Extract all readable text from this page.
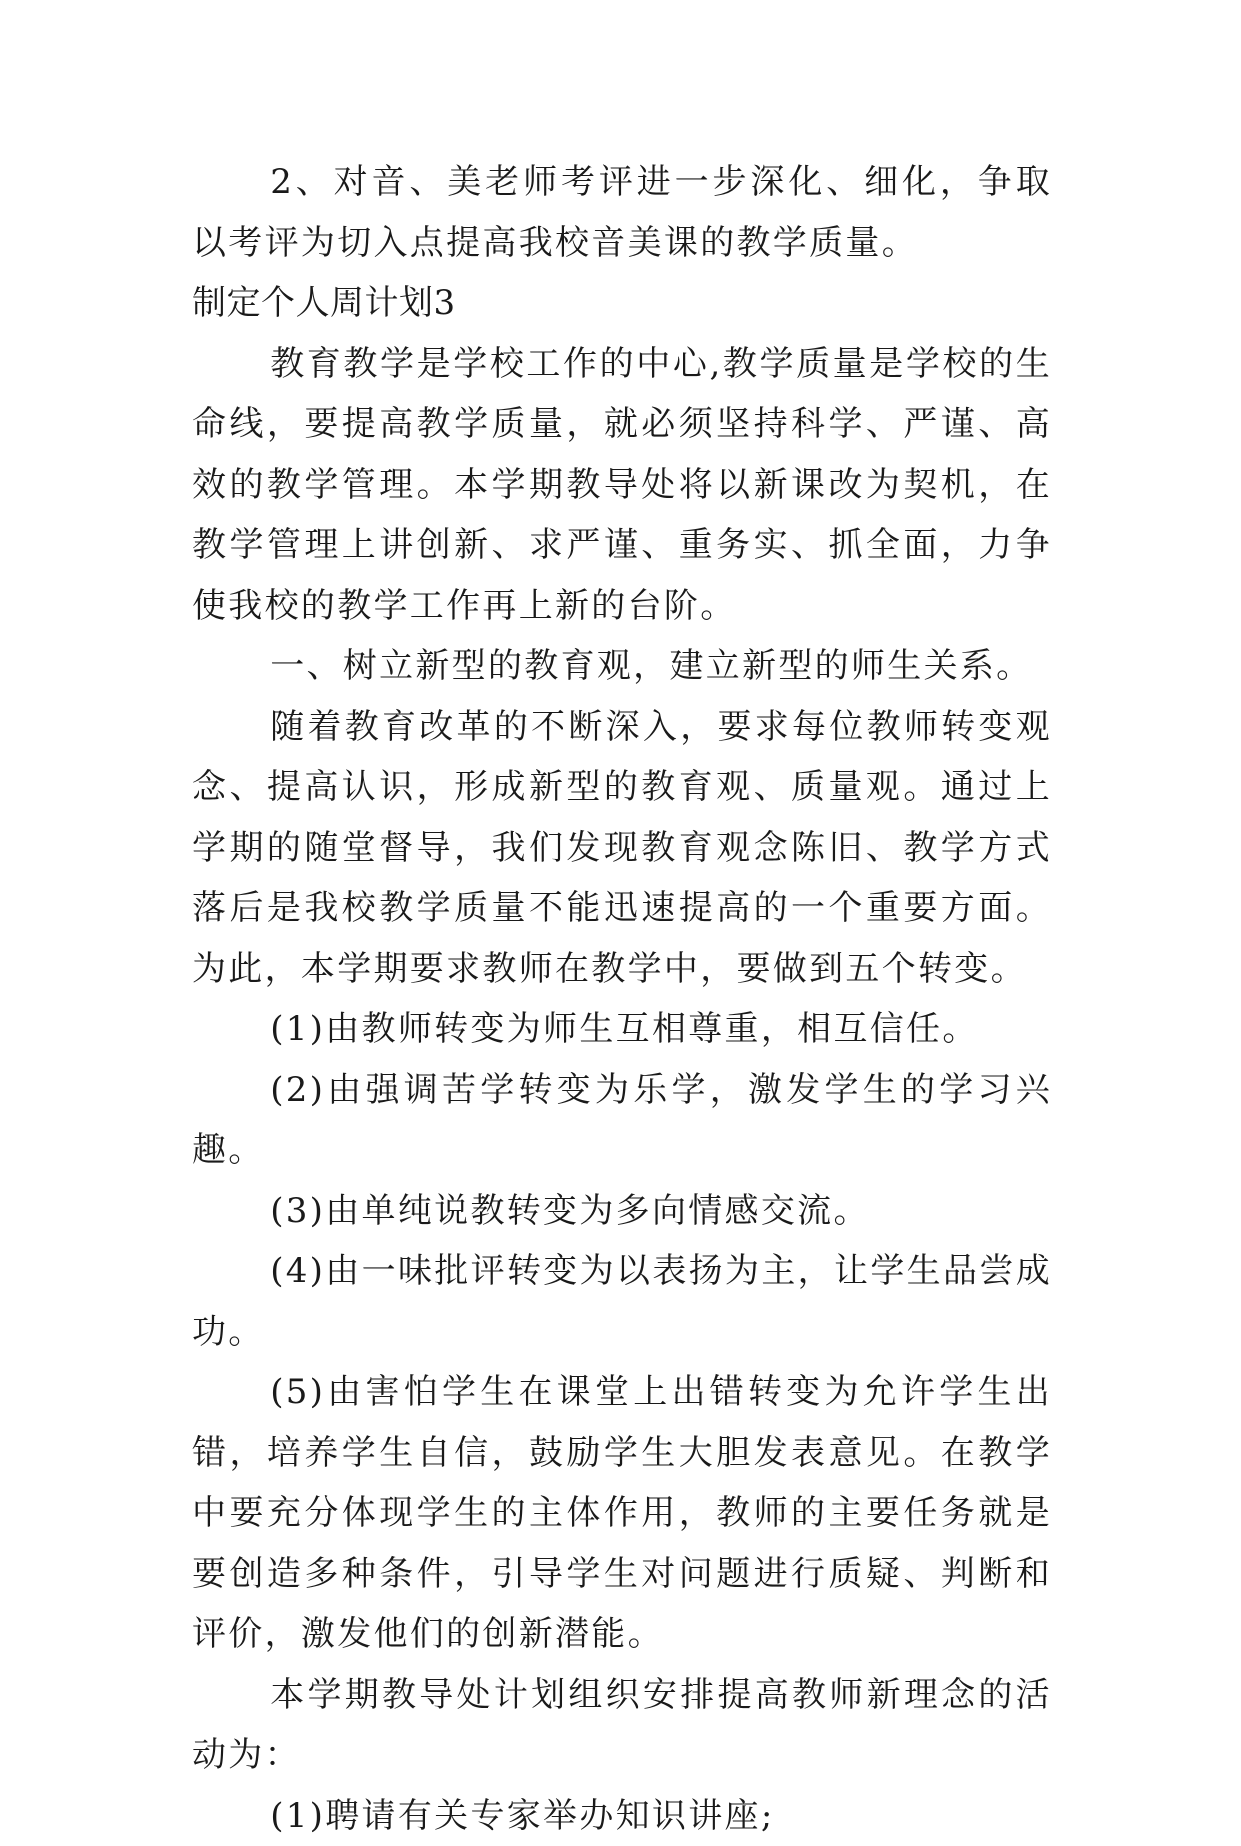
2、对音、美老师考评进一步深化、细化，争取以考评为切入点提高我校音美课的教学质量。

制定个人周计划3

教育教学是学校工作的中心,教学质量是学校的生命线，要提高教学质量，就必须坚持科学、严谨、高效的教学管理。本学期教导处将以新课改为契机，在教学管理上讲创新、求严谨、重务实、抓全面，力争使我校的教学工作再上新的台阶。

一、树立新型的教育观，建立新型的师生关系。

随着教育改革的不断深入，要求每位教师转变观念、提高认识，形成新型的教育观、质量观。通过上学期的随堂督导，我们发现教育观念陈旧、教学方式落后是我校教学质量不能迅速提高的一个重要方面。为此，本学期要求教师在教学中，要做到五个转变。

(1)由教师转变为师生互相尊重，相互信任。

(2)由强调苦学转变为乐学，激发学生的学习兴趣。

(3)由单纯说教转变为多向情感交流。

(4)由一味批评转变为以表扬为主，让学生品尝成功。

(5)由害怕学生在课堂上出错转变为允许学生出错，培养学生自信，鼓励学生大胆发表意见。在教学中要充分体现学生的主体作用，教师的主要任务就是要创造多种条件，引导学生对问题进行质疑、判断和评价，激发他们的创新潜能。

本学期教导处计划组织安排提高教师新理念的活动为：

(1)聘请有关专家举办知识讲座;
